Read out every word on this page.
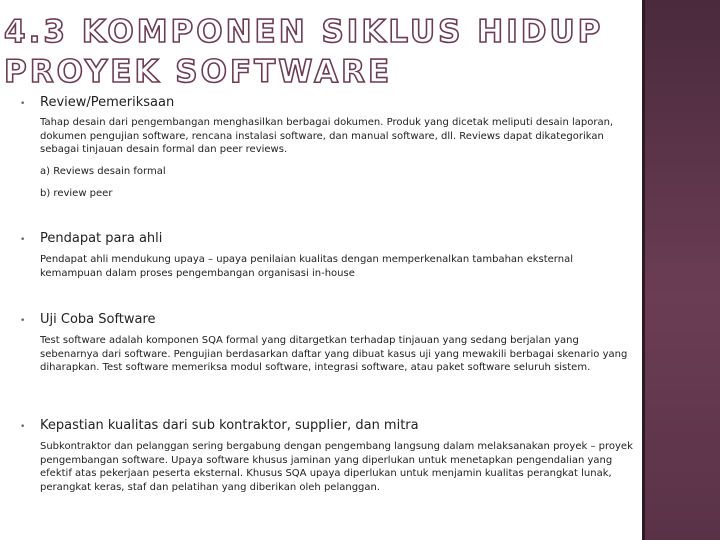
4.3 KOMPONEN SIKLUS HIDUP PROYEK SOFTWARE
• Review/Pemeriksaan

Tahap desain dari pengembangan menghasilkan berbagai dokumen. Produk yang dicetak meliputi desain laporan, dokumen pengujian software, rencana instalasi software, dan manual software, dll. Reviews dapat dikategorikan sebagai tinjauan desain formal dan peer reviews.

a) Reviews desain formal
b) review peer
• Pendapat para ahli

Pendapat ahli mendukung upaya – upaya penilaian kualitas dengan memperkenalkan tambahan eksternal kemampuan dalam proses pengembangan organisasi in-house

• Uji Coba Software

Test software adalah komponen SQA formal yang ditargetkan terhadap tinjauan yang sedang berjalan yang sebenarnya dari software. Pengujian berdasarkan daftar yang dibuat kasus uji yang mewakili berbagai skenario yang diharapkan. Test software memeriksa modul software, integrasi software, atau paket software seluruh sistem.

• Kepastian kualitas dari sub kontraktor, supplier, dan mitra

Subkontraktor dan pelanggan sering bergabung dengan pengembang langsung dalam melaksanakan proyek – proyek pengembangan software. Upaya software khusus jaminan yang diperlukan untuk menetapkan pengendalian yang efektif atas pekerjaan peserta eksternal. Khusus SQA upaya diperlukan untuk menjamin kualitas perangkat lunak, perangkat keras, staf dan pelatihan yang diberikan oleh pelanggan.
